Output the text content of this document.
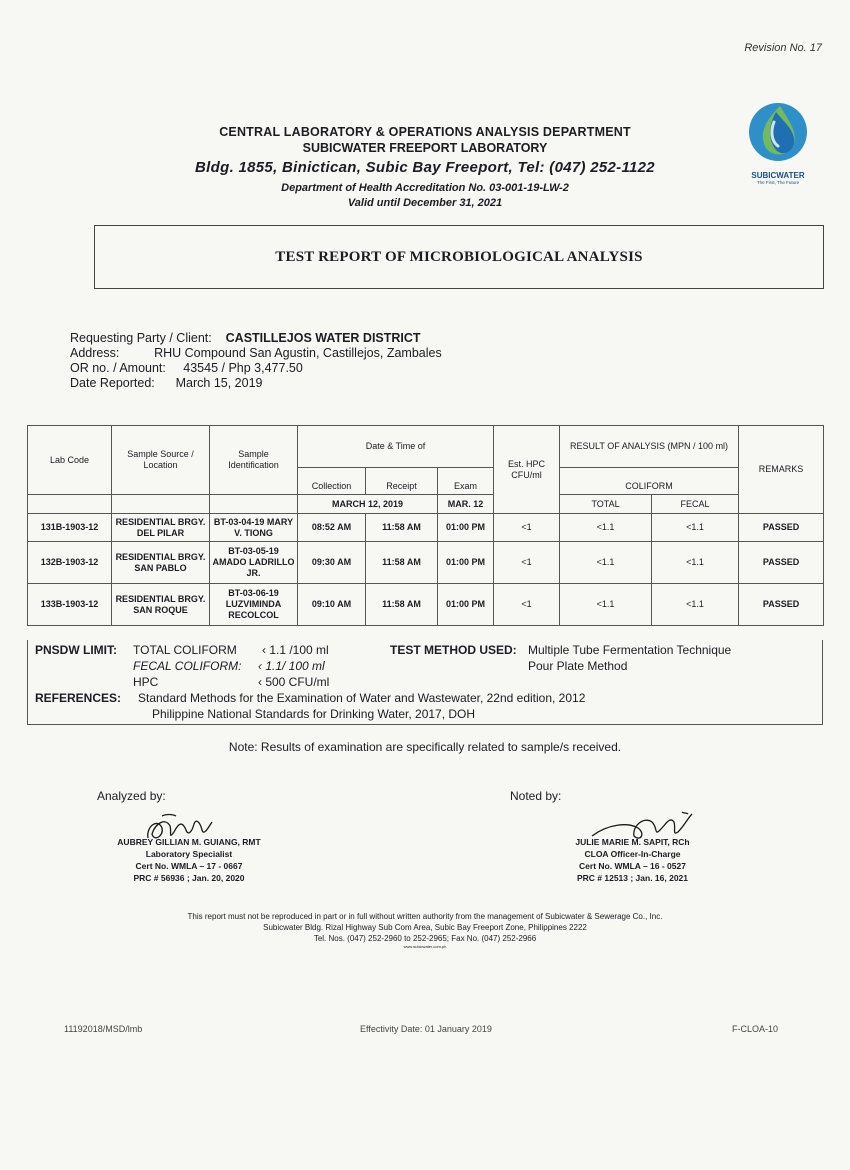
Revision No. 17
CENTRAL LABORATORY & OPERATIONS ANALYSIS DEPARTMENT
SUBICWATER FREEPORT LABORATORY
Bldg. 1855, Binictican, Subic Bay Freeport, Tel: (047) 252-1122
Department of Health Accreditation No. 03-001-19-LW-2
Valid until December 31, 2021
SUBICWATER
The First, The Future
TEST REPORT OF MICROBIOLOGICAL ANALYSIS
Requesting Party / Client: CASTILLEJOS WATER DISTRICT
Address:	RHU Compound San Agustin, Castillejos, Zambales
OR no. / Amount: 43545 / Php 3,477.50
Date Reported: March 15, 2019
Lab Code	Sample Source / Location	Sample Identification	Date & Time of			Est. HPC CFU/ml	RESULT OF ANALYSIS (MPN / 100 ml)		REMARKS
			Collection	Receipt	Exam		COLIFORM		
			MARCH 12, 2019		MAR. 12		TOTAL	FECAL	
131B-1903-12	RESIDENTIAL BRGY. DEL PILAR	BT-03-04-19 MARY V. TIONG	08:52 AM	11:58 AM	01:00 PM	<1	<1.1	<1.1	PASSED
132B-1903-12	RESIDENTIAL BRGY. SAN PABLO	BT-03-05-19 AMADO LADRILLO JR.	09:30 AM	11:58 AM	01:00 PM	<1	<1.1	<1.1	PASSED
133B-1903-12	RESIDENTIAL BRGY. SAN ROQUE	BT-03-06-19 LUZVIMINDA RECOLCOL	09:10 AM	11:58 AM	01:00 PM	<1	<1.1	<1.1	PASSED
PNSDW LIMIT: TOTAL COLIFORM ‹ 1.1 /100 ml
FECAL COLIFORM: ‹ 1.1/ 100 ml
HPC	‹ 500 CFU/ml
TEST METHOD USED: Multiple Tube Fermentation Technique
Pour Plate Method
REFERENCES: Standard Methods for the Examination of Water and Wastewater, 22nd edition, 2012
Philippine National Standards for Drinking Water, 2017, DOH
Note: Results of examination are specifically related to sample/s received.
Analyzed by:	Noted by:
AUBREY GILLIAN M. GUIANG, RMT
Laboratory Specialist
Cert No. WMLA – 17 - 0667
PRC # 56936 ; Jan. 20, 2020
JULIE MARIE M. SAPIT, RCh
CLOA Officer-In-Charge
Cert No. WMLA – 16 - 0527
PRC # 12513 ; Jan. 16, 2021
This report must not be reproduced in part or in full without written authority from the management of Subicwater & Sewerage Co., Inc.
Subicwater Bldg. Rizal Highway Sub Com Area, Subic Bay Freeport Zone, Philippines 2222
Tel. Nos. (047) 252-2960 to 252-2965; Fax No. (047) 252-2966
www.subicwater.com.ph
11192018/MSD/lmb	Effectivity Date: 01 January 2019	F-CLOA-10
